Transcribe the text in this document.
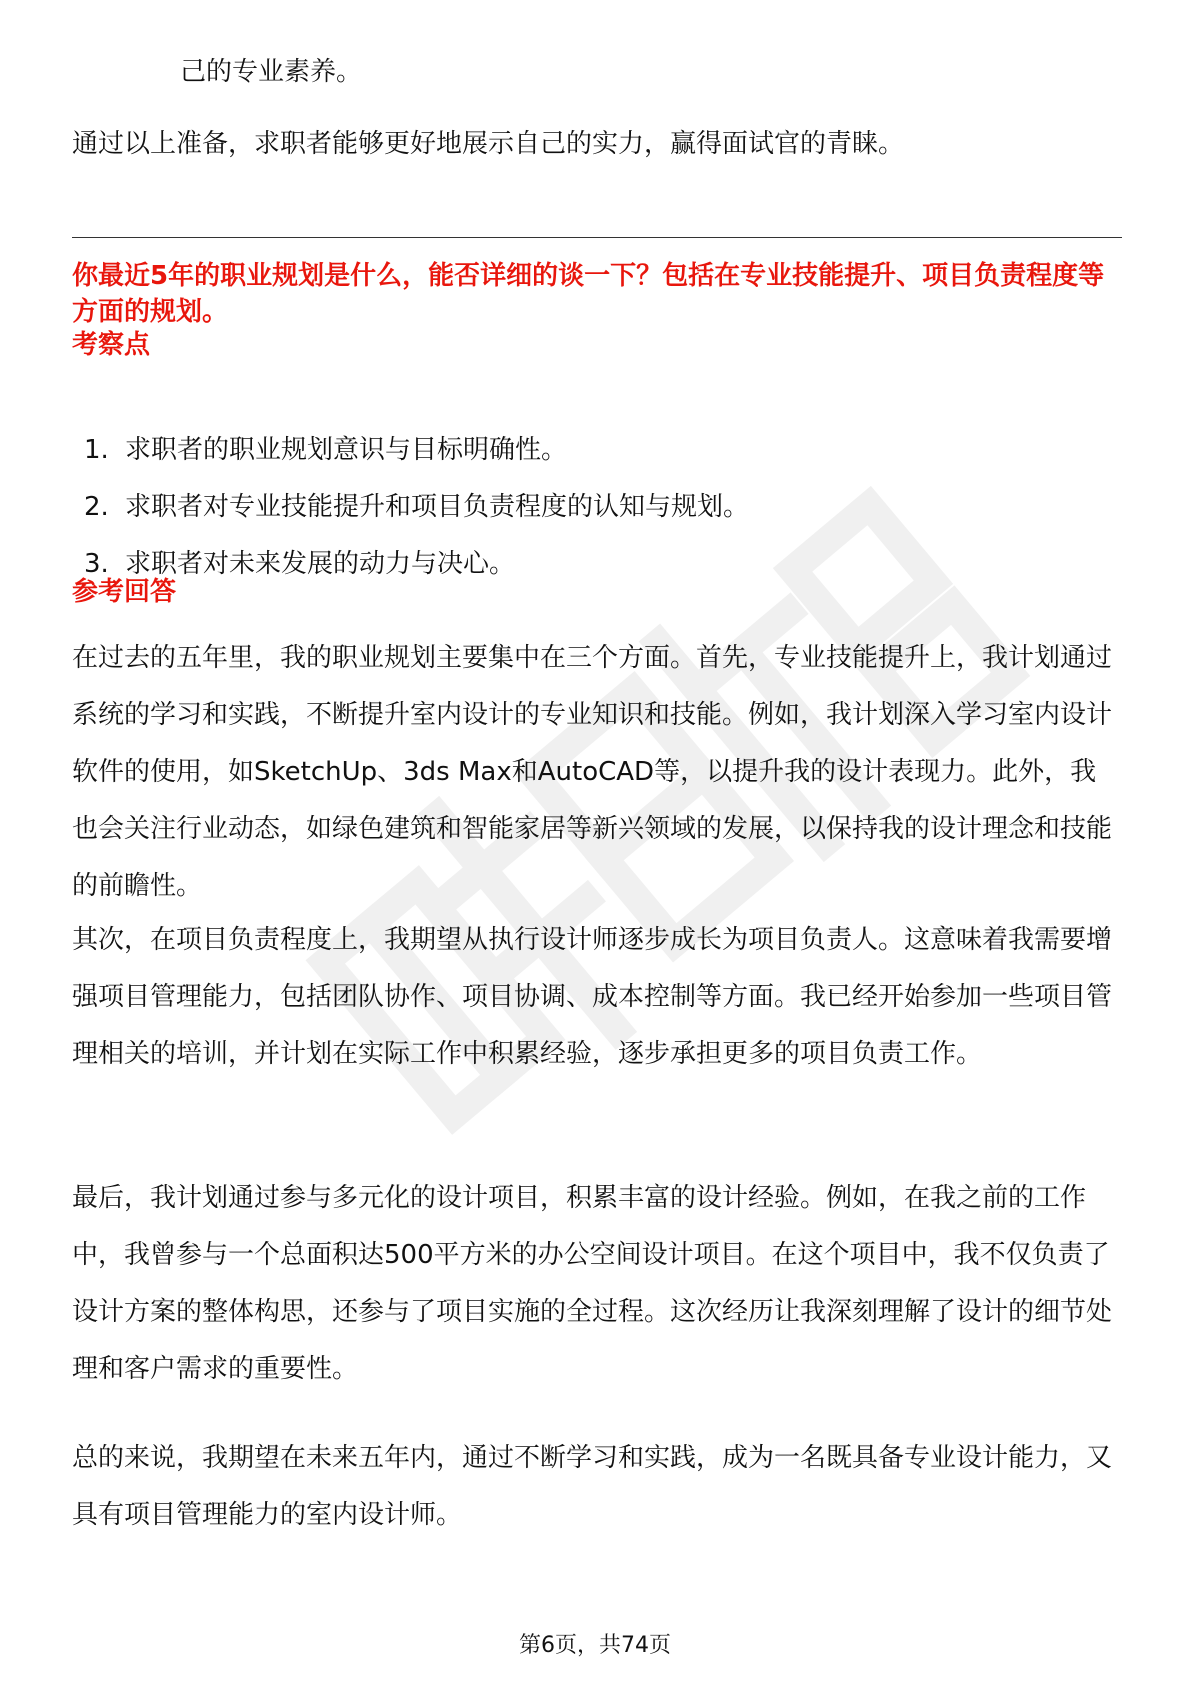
己的专业素养。

通过以上准备，求职者能够更好地展示自己的实力，赢得面试官的青睐。

你最近5年的职业规划是什么，能否详细的谈一下？包括在专业技能提升、项目负责程度等方面的规划。

考察点

1. 求职者的职业规划意识与目标明确性。
2. 求职者对专业技能提升和项目负责程度的认知与规划。
3. 求职者对未来发展的动力与决心。

参考回答

在过去的五年里，我的职业规划主要集中在三个方面。首先，专业技能提升上，我计划通过系统的学习和实践，不断提升室内设计的专业知识和技能。例如，我计划深入学习室内设计软件的使用，如SketchUp、3ds Max和AutoCAD等，以提升我的设计表现力。此外，我也会关注行业动态，如绿色建筑和智能家居等新兴领域的发展，以保持我的设计理念和技能的前瞻性。

其次，在项目负责程度上，我期望从执行设计师逐步成长为项目负责人。这意味着我需要增强项目管理能力，包括团队协作、项目协调、成本控制等方面。我已经开始参加一些项目管理相关的培训，并计划在实际工作中积累经验，逐步承担更多的项目负责工作。

最后，我计划通过参与多元化的设计项目，积累丰富的设计经验。例如，在我之前的工作中，我曾参与一个总面积达500平方米的办公空间设计项目。在这个项目中，我不仅负责了设计方案的整体构思，还参与了项目实施的全过程。这次经历让我深刻理解了设计的细节处理和客户需求的重要性。

总的来说，我期望在未来五年内，通过不断学习和实践，成为一名既具备专业设计能力，又具有项目管理能力的室内设计师。

第6页，共74页
